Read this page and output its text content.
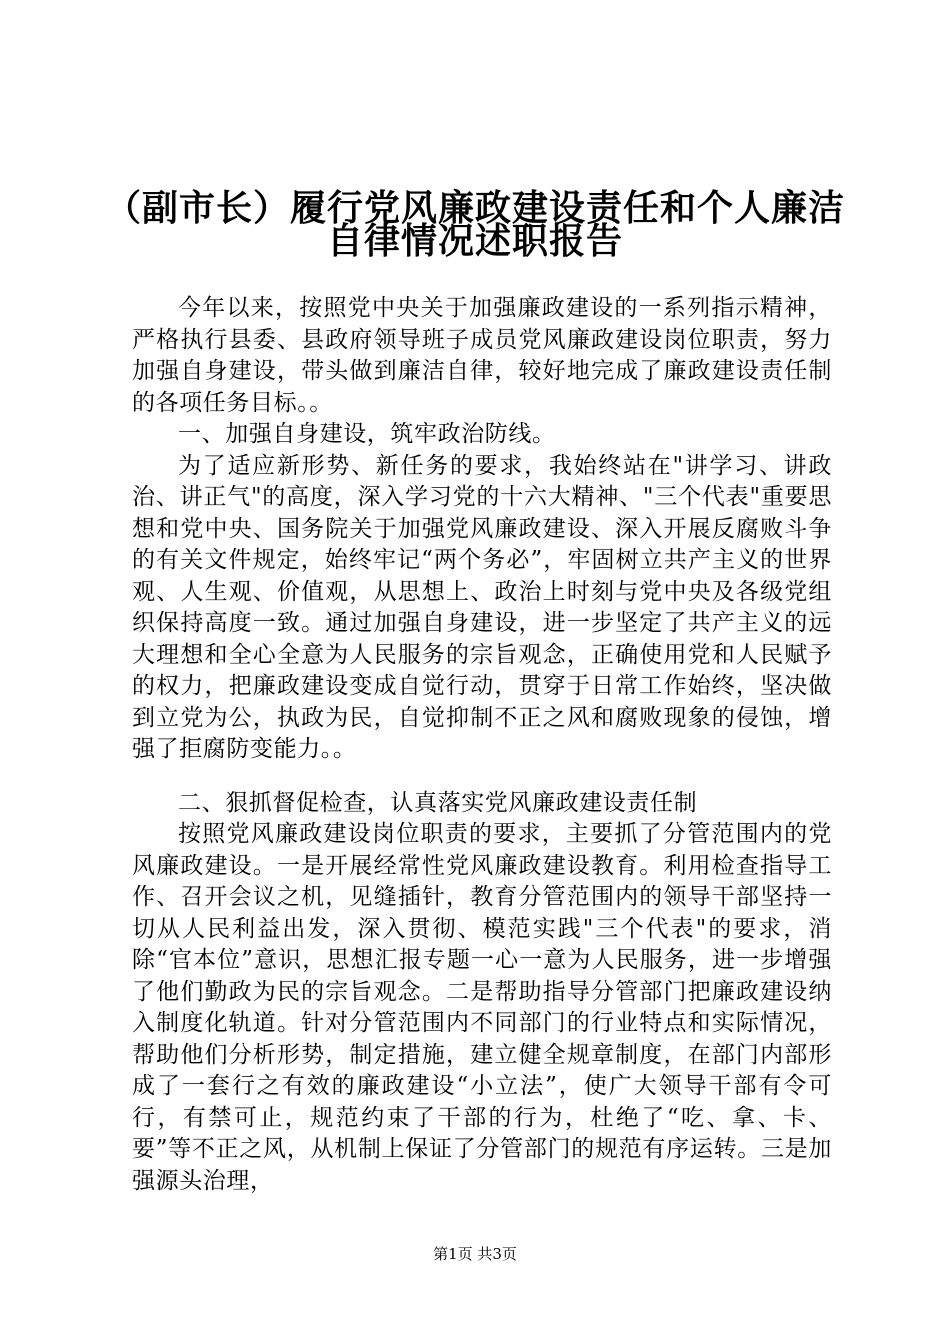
（副市长）履行党风廉政建设责任和个人廉洁
自律情况述职报告

今年以来，按照党中央关于加强廉政建设的一系列指示精神，严格执行县委、县政府领导班子成员党风廉政建设岗位职责，努力加强自身建设，带头做到廉洁自律，较好地完成了廉政建设责任制的各项任务目标。。

一、加强自身建设，筑牢政治防线。

为了适应新形势、新任务的要求，我始终站在"讲学习、讲政治、讲正气"的高度，深入学习党的十六大精神、"三个代表"重要思想和党中央、国务院关于加强党风廉政建设、深入开展反腐败斗争的有关文件规定，始终牢记“两个务必”，牢固树立共产主义的世界观、人生观、价值观，从思想上、政治上时刻与党中央及各级党组织保持高度一致。通过加强自身建设，进一步坚定了共产主义的远大理想和全心全意为人民服务的宗旨观念，正确使用党和人民赋予的权力，把廉政建设变成自觉行动，贯穿于日常工作始终，坚决做到立党为公，执政为民，自觉抑制不正之风和腐败现象的侵蚀，增强了拒腐防变能力。。

二、狠抓督促检查，认真落实党风廉政建设责任制

按照党风廉政建设岗位职责的要求，主要抓了分管范围内的党风廉政建设。一是开展经常性党风廉政建设教育。利用检查指导工作、召开会议之机，见缝插针，教育分管范围内的领导干部坚持一切从人民利益出发，深入贯彻、模范实践"三个代表"的要求，消除“官本位”意识，思想汇报专题一心一意为人民服务，进一步增强了他们勤政为民的宗旨观念。二是帮助指导分管部门把廉政建设纳入制度化轨道。针对分管范围内不同部门的行业特点和实际情况，帮助他们分析形势，制定措施，建立健全规章制度，在部门内部形成了一套行之有效的廉政建设“小立法”，使广大领导干部有令可行，有禁可止，规范约束了干部的行为，杜绝了“吃、拿、卡、要”等不正之风，从机制上保证了分管部门的规范有序运转。三是加强源头治理，

第1页 共3页
